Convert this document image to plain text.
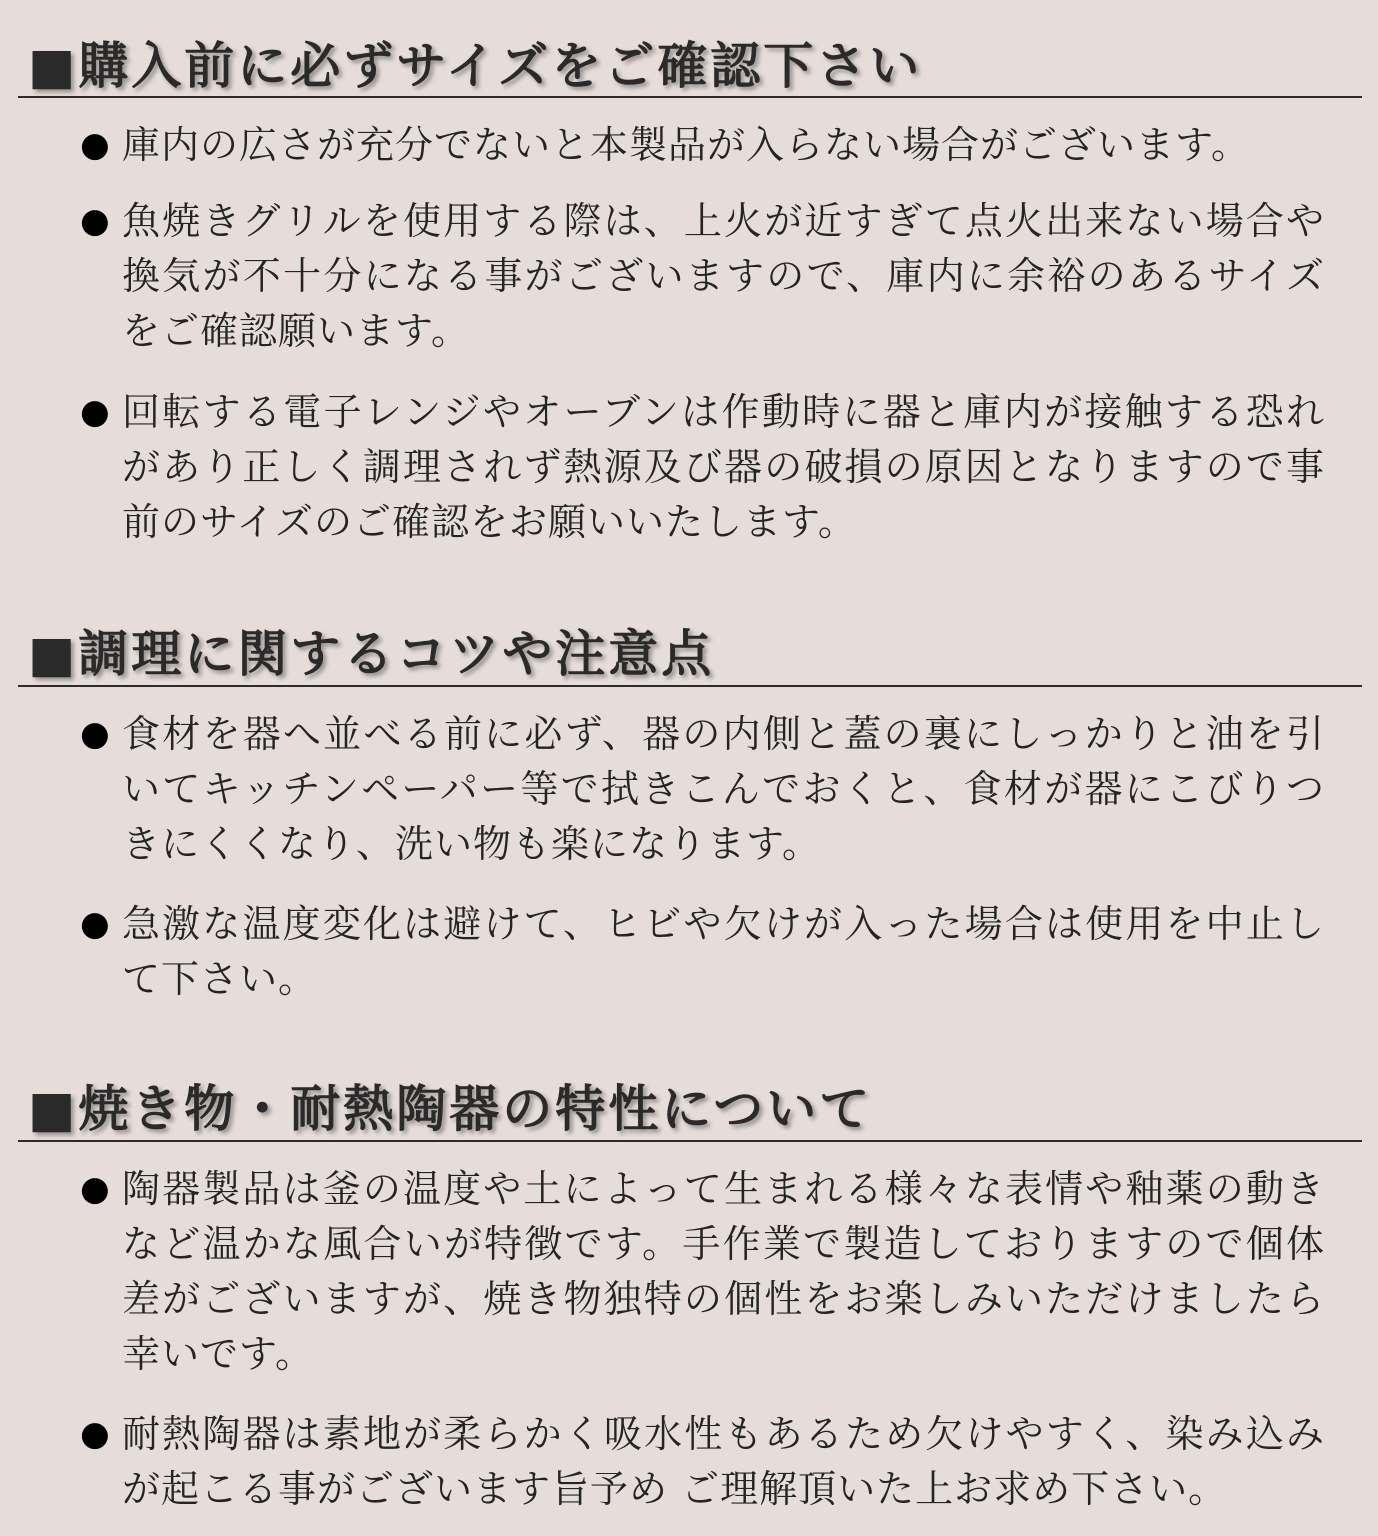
■購入前に必ずサイズをご確認下さい
● 庫内の広さが充分でないと本製品が入らない場合がございます。
● 魚焼きグリルを使用する際は、上火が近すぎて点火出来ない場合や換気が不十分になる事がございますので、庫内に余裕のあるサイズをご確認願います。
● 回転する電子レンジやオーブンは作動時に器と庫内が接触する恐れがあり正しく調理されず熱源及び器の破損の原因となりますので事前のサイズのご確認をお願いいたします。
■調理に関するコツや注意点
● 食材を器へ並べる前に必ず、器の内側と蓋の裏にしっかりと油を引いてキッチンペーパー等で拭きこんでおくと、食材が器にこびりつきにくくなり、洗い物も楽になります。
● 急激な温度変化は避けて、ヒビや欠けが入った場合は使用を中止して下さい。
■焼き物・耐熱陶器の特性について
● 陶器製品は釜の温度や土によって生まれる様々な表情や釉薬の動きなど温かな風合いが特徴です。手作業で製造しておりますので個体差がございますが、焼き物独特の個性をお楽しみいただけましたら幸いです。
● 耐熱陶器は素地が柔らかく吸水性もあるため欠けやすく、染み込みが起こる事がございます旨予め ご理解頂いた上お求め下さい。
